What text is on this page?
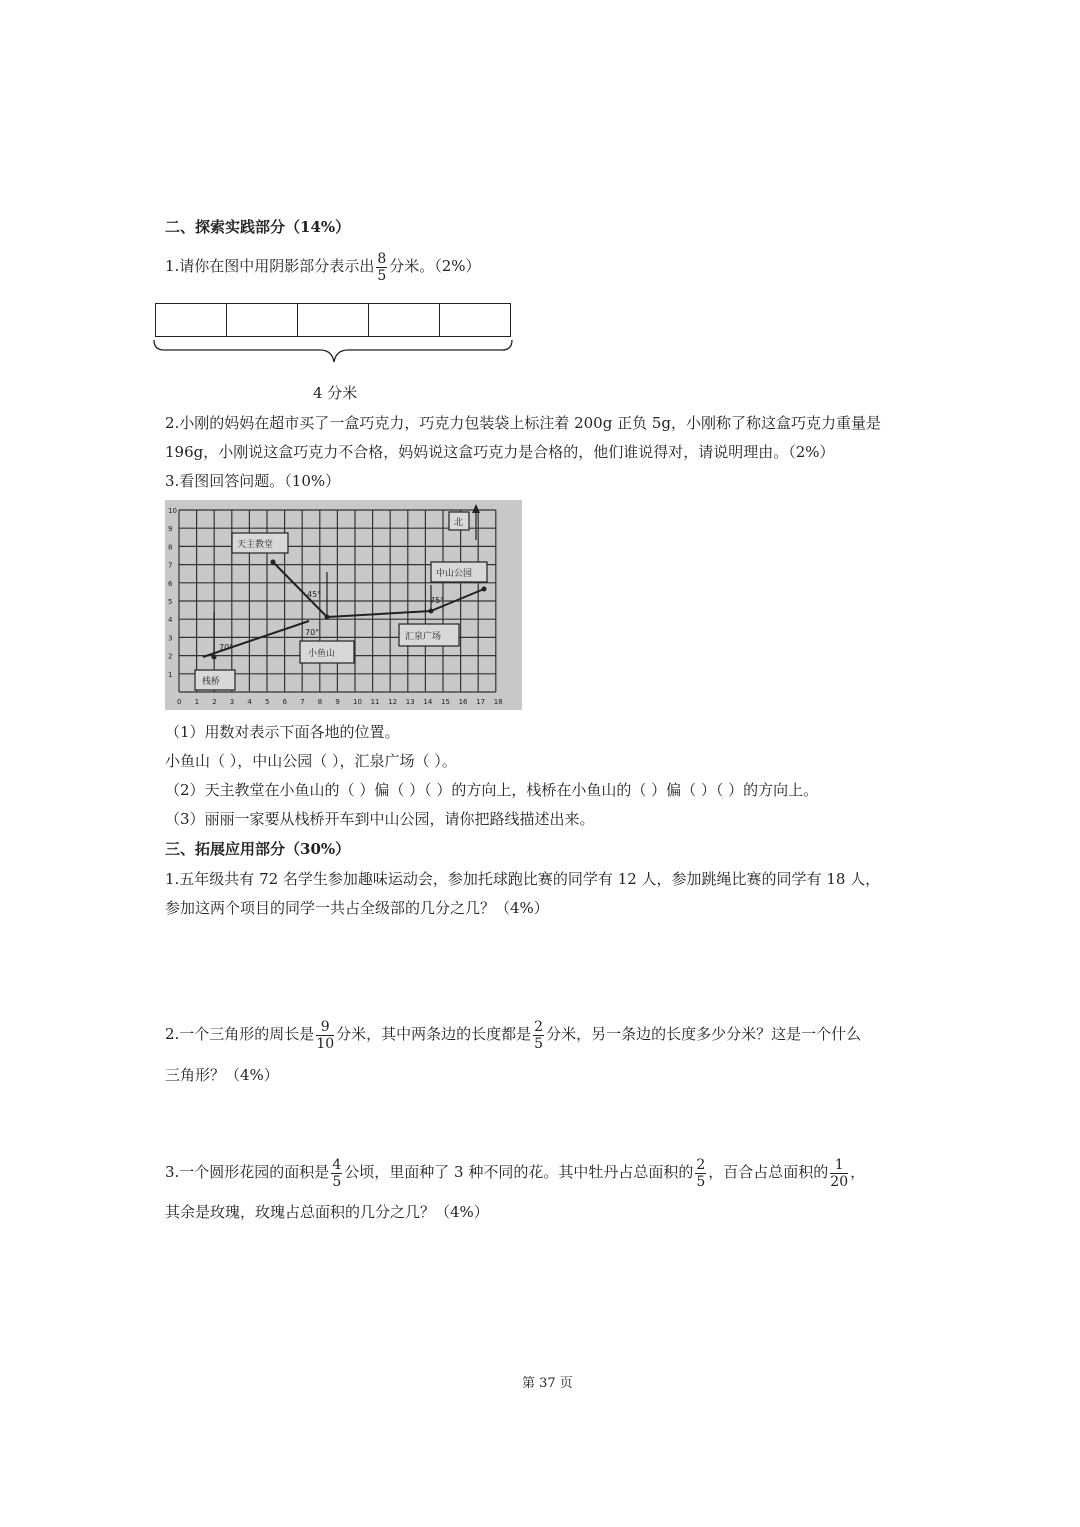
二、探索实践部分（14%）
1.请你在图中用阴影部分表示出 $\frac{8}{5}$ 分米。（2%）
4 分米
2.小刚的妈妈在超市买了一盒巧克力，巧克力包装袋上标注着 200g 正负 5g，小刚称了称这盒巧克力重量是
196g，小刚说这盒巧克力不合格，妈妈说这盒巧克力是合格的，他们谁说得对，请说明理由。（2%）
3.看图回答问题。（10%）
0 1 2 3 4 5 6 7 8 9 10 11 12 13 14 15 16 17 18
1
2
3
4
5
6
7
8
9
10
北
天主教堂
中山公园
小鱼山
汇泉广场
栈桥
45°
70°
70°
75°
（1）用数对表示下面各地的位置。
小鱼山（ ），中山公园（ ），汇泉广场（ ）。
（2）天主教堂在小鱼山的（ ）偏（ ）（ ）的方向上，栈桥在小鱼山的（ ）偏（ ）（ ）的方向上。
（3）丽丽一家要从栈桥开车到中山公园，请你把路线描述出来。
三、拓展应用部分（30%）
1.五年级共有 72 名学生参加趣味运动会，参加托球跑比赛的同学有 12 人，参加跳绳比赛的同学有 18 人，
参加这两个项目的同学一共占全级部的几分之几？（4%）
2.一个三角形的周长是 $\frac{9}{10}$ 分米，其中两条边的长度都是 $\frac{2}{5}$ 分米，另一条边的长度多少分米？这是一个什么
三角形？（4%）
3.一个圆形花园的面积是 $\frac{4}{5}$ 公顷，里面种了 3 种不同的花。其中牡丹占总面积的 $\frac{2}{5}$ ，百合占总面积的 $\frac{1}{20}$ ，
其余是玫瑰，玫瑰占总面积的几分之几？（4%）
第 37 页
